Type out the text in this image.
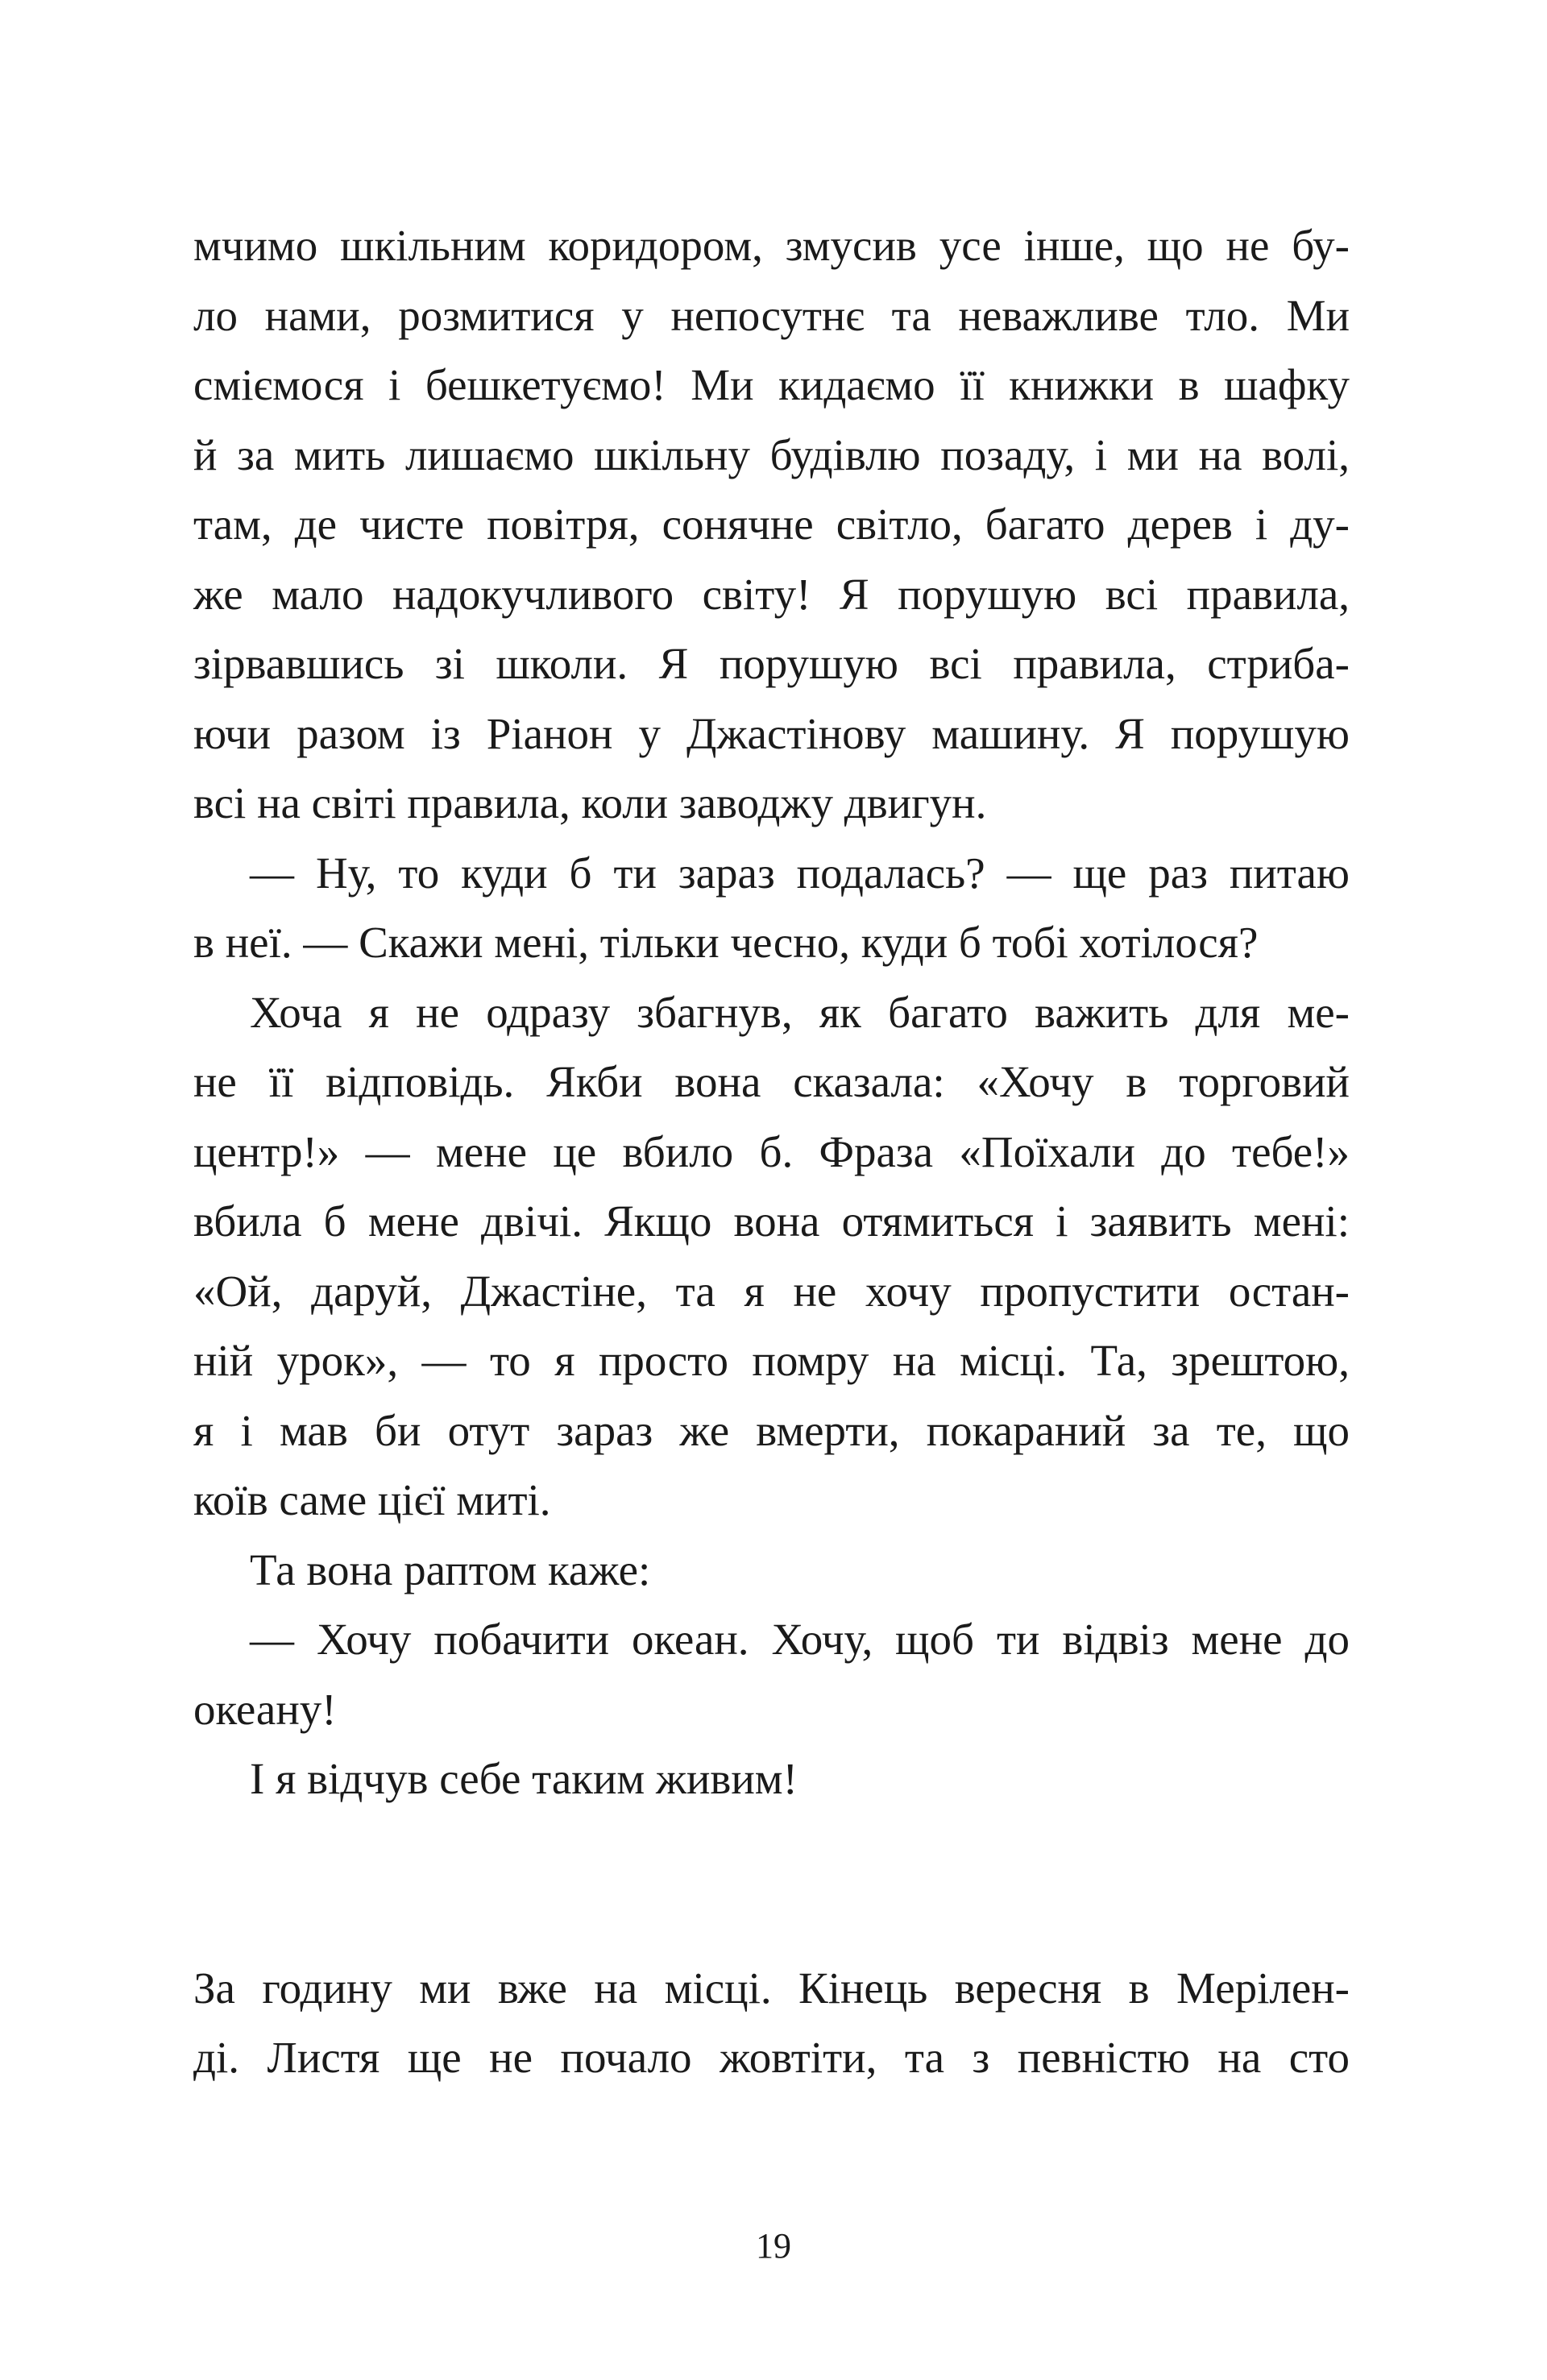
мчимо шкільним коридором, змусив усе інше, що не бу-
ло нами, розмитися у непосутнє та неважливе тло. Ми
сміємося і бешкетуємо! Ми кидаємо її книжки в шафку
й за мить лишаємо шкільну будівлю позаду, і ми на волі,
там, де чисте повітря, сонячне світло, багато дерев і ду-
же мало надокучливого світу! Я порушую всі правила,
зірвавшись зі школи. Я порушую всі правила, стриба-
ючи разом із Ріанон у Джастінову машину. Я порушую
всі на світі правила, коли заводжу двигун.
— Ну, то куди б ти зараз подалась? — ще раз питаю
в неї. — Скажи мені, тільки чесно, куди б тобі хотілося?
Хоча я не одразу збагнув, як багато важить для ме-
не її відповідь. Якби вона сказала: «Хочу в торговий
центр!» — мене це вбило б. Фраза «Поїхали до тебе!»
вбила б мене двічі. Якщо вона отямиться і заявить мені:
«Ой, даруй, Джастіне, та я не хочу пропустити остан-
ній урок», — то я просто помру на місці. Та, зрештою,
я і мав би отут зараз же вмерти, покараний за те, що
коїв саме цієї миті.
Та вона раптом каже:
— Хочу побачити океан. Хочу, щоб ти відвіз мене до
океану!
І я відчув себе таким живим!
За годину ми вже на місці. Кінець вересня в Мерілен-
ді. Листя ще не почало жовтіти, та з певністю на сто
19
